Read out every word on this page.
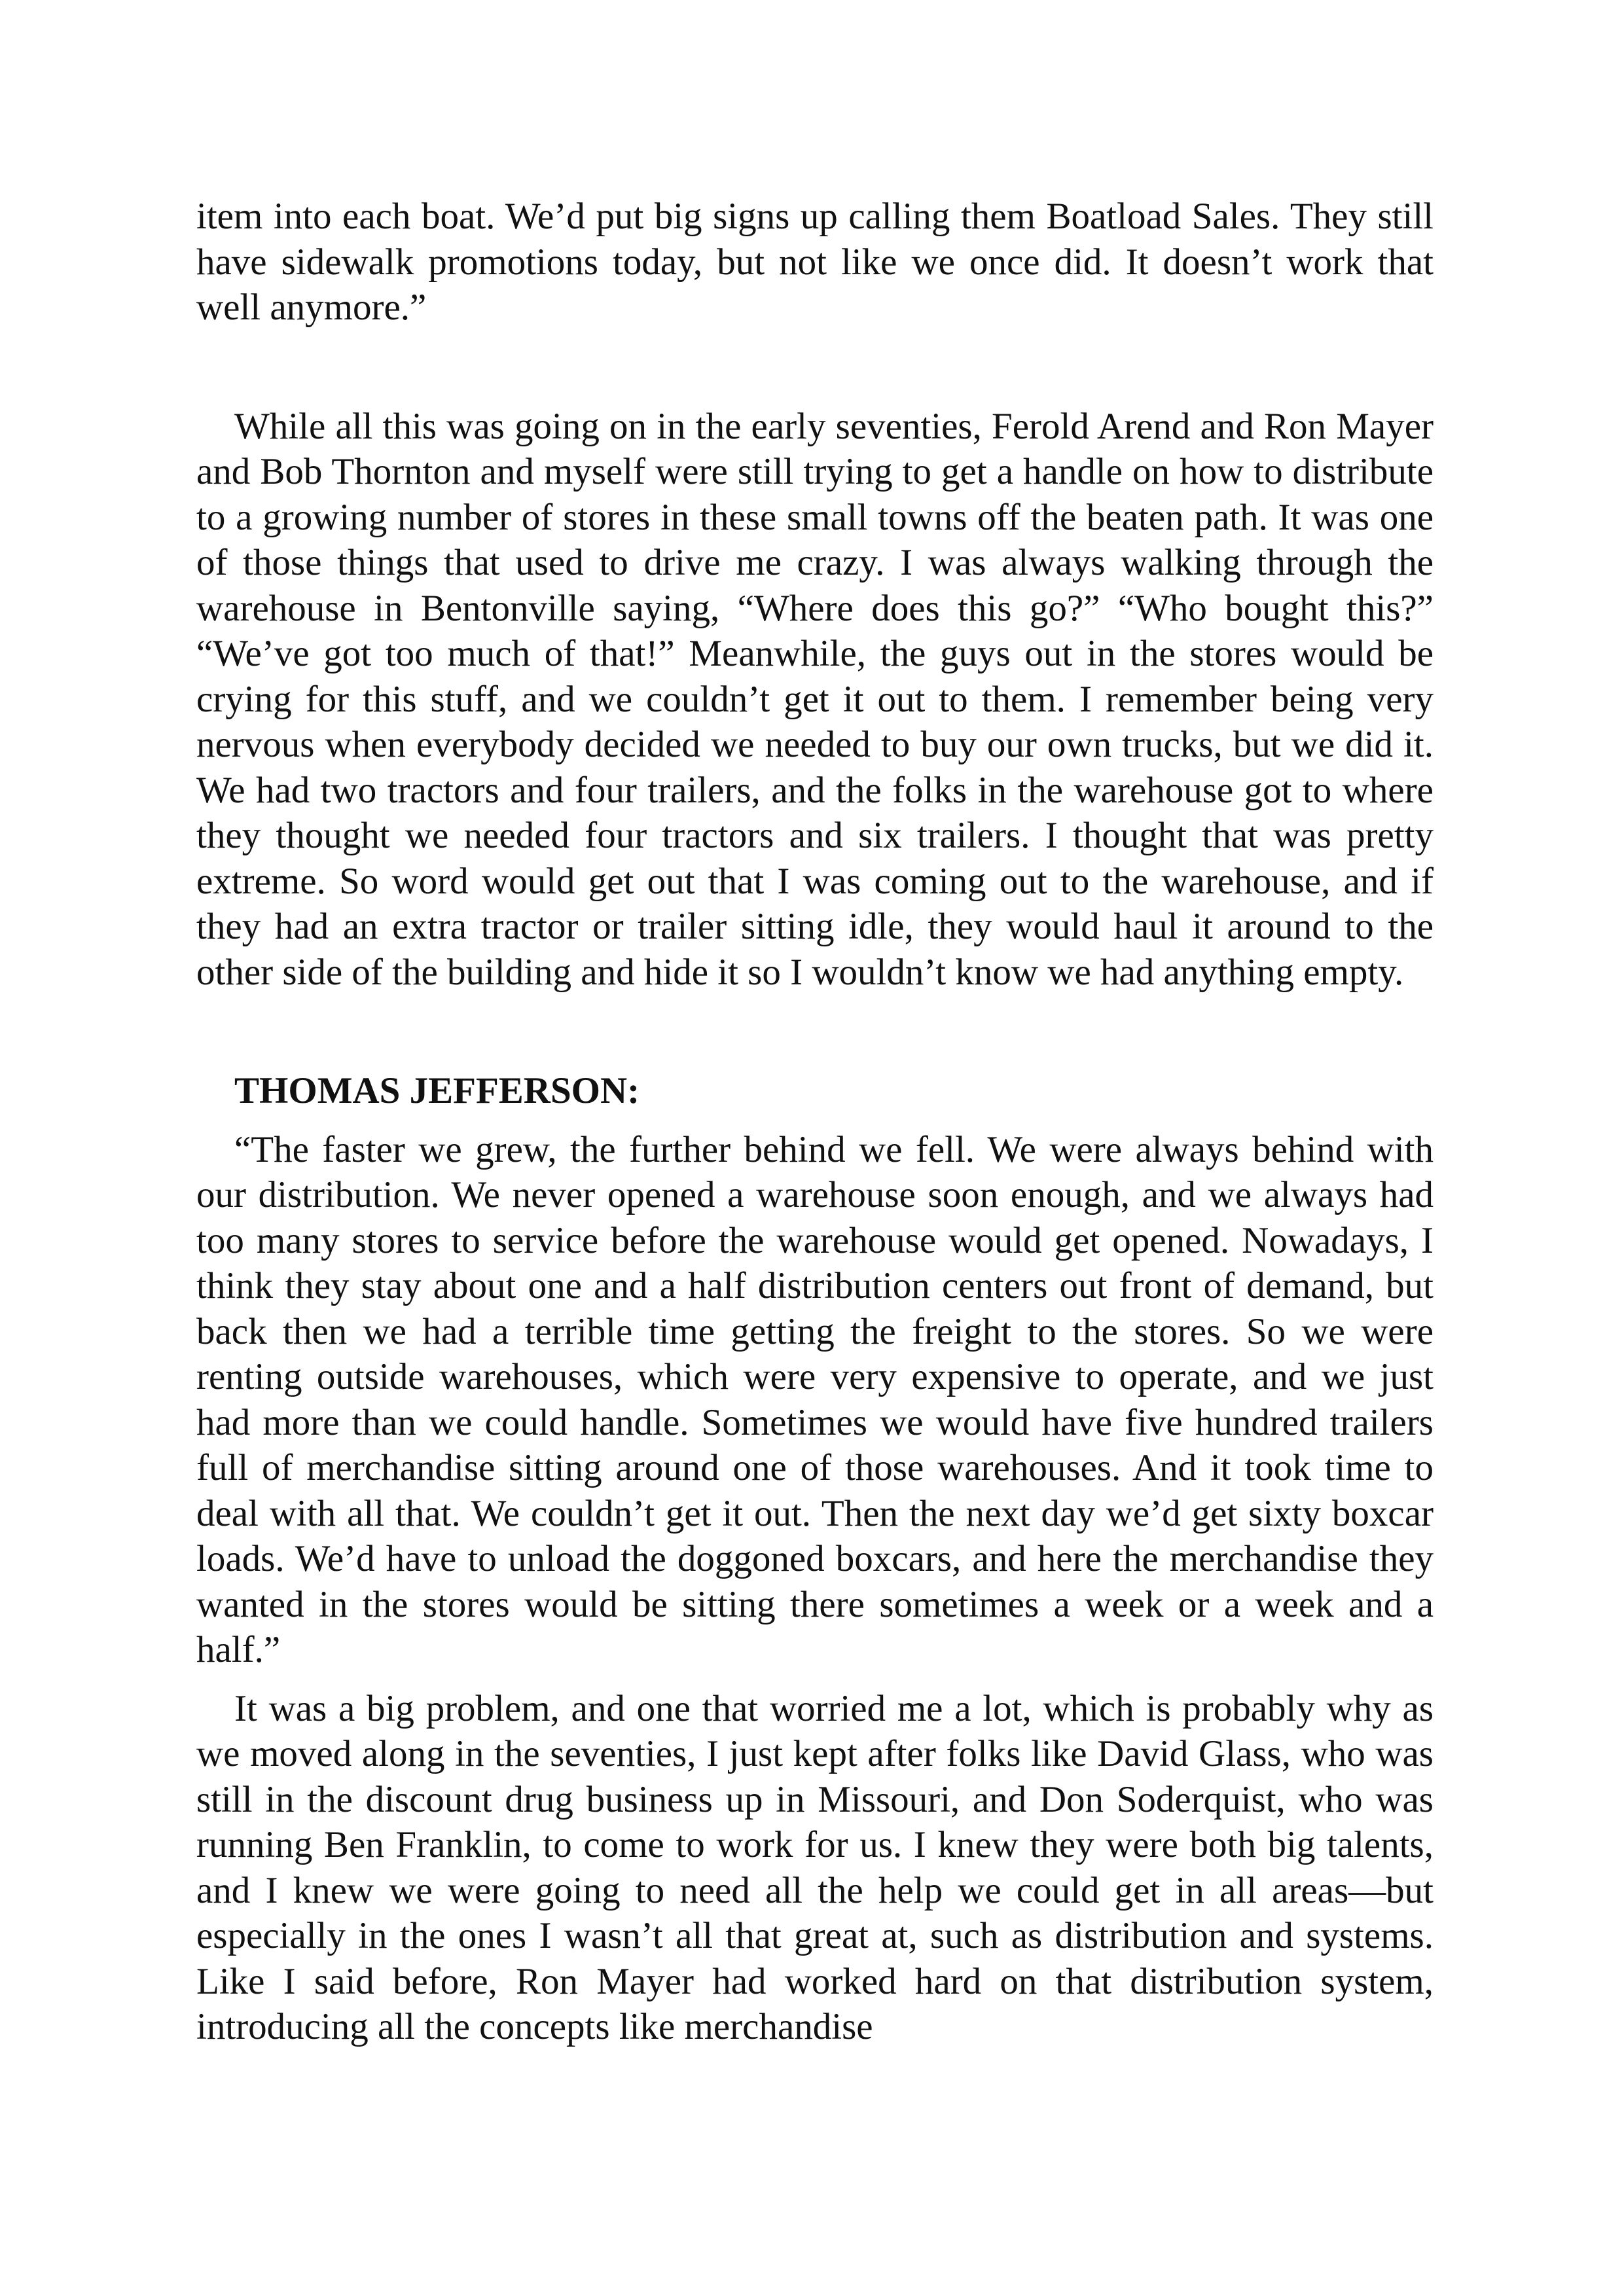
item into each boat. We’d put big signs up calling them Boatload Sales. They still have sidewalk promotions today, but not like we once did. It doesn’t work that well anymore.”

While all this was going on in the early seventies, Ferold Arend and Ron Mayer and Bob Thornton and myself were still trying to get a handle on how to distribute to a growing number of stores in these small towns off the beaten path. It was one of those things that used to drive me crazy. I was always walking through the warehouse in Bentonville saying, “Where does this go?” “Who bought this?” “We’ve got too much of that!” Meanwhile, the guys out in the stores would be crying for this stuff, and we couldn’t get it out to them. I remember being very nervous when everybody decided we needed to buy our own trucks, but we did it. We had two tractors and four trailers, and the folks in the warehouse got to where they thought we needed four tractors and six trailers. I thought that was pretty extreme. So word would get out that I was coming out to the warehouse, and if they had an extra tractor or trailer sitting idle, they would haul it around to the other side of the building and hide it so I wouldn’t know we had anything empty.

THOMAS JEFFERSON:

“The faster we grew, the further behind we fell. We were always behind with our distribution. We never opened a warehouse soon enough, and we always had too many stores to service before the warehouse would get opened. Nowadays, I think they stay about one and a half distribution centers out front of demand, but back then we had a terrible time getting the freight to the stores. So we were renting outside warehouses, which were very expensive to operate, and we just had more than we could handle. Sometimes we would have five hundred trailers full of merchandise sitting around one of those warehouses. And it took time to deal with all that. We couldn’t get it out. Then the next day we’d get sixty boxcar loads. We’d have to unload the doggoned boxcars, and here the merchandise they wanted in the stores would be sitting there sometimes a week or a week and a half.”

It was a big problem, and one that worried me a lot, which is probably why as we moved along in the seventies, I just kept after folks like David Glass, who was still in the discount drug business up in Missouri, and Don Soderquist, who was running Ben Franklin, to come to work for us. I knew they were both big talents, and I knew we were going to need all the help we could get in all areas—but especially in the ones I wasn’t all that great at, such as distribution and systems. Like I said before, Ron Mayer had worked hard on that distribution system, introducing all the concepts like merchandise
